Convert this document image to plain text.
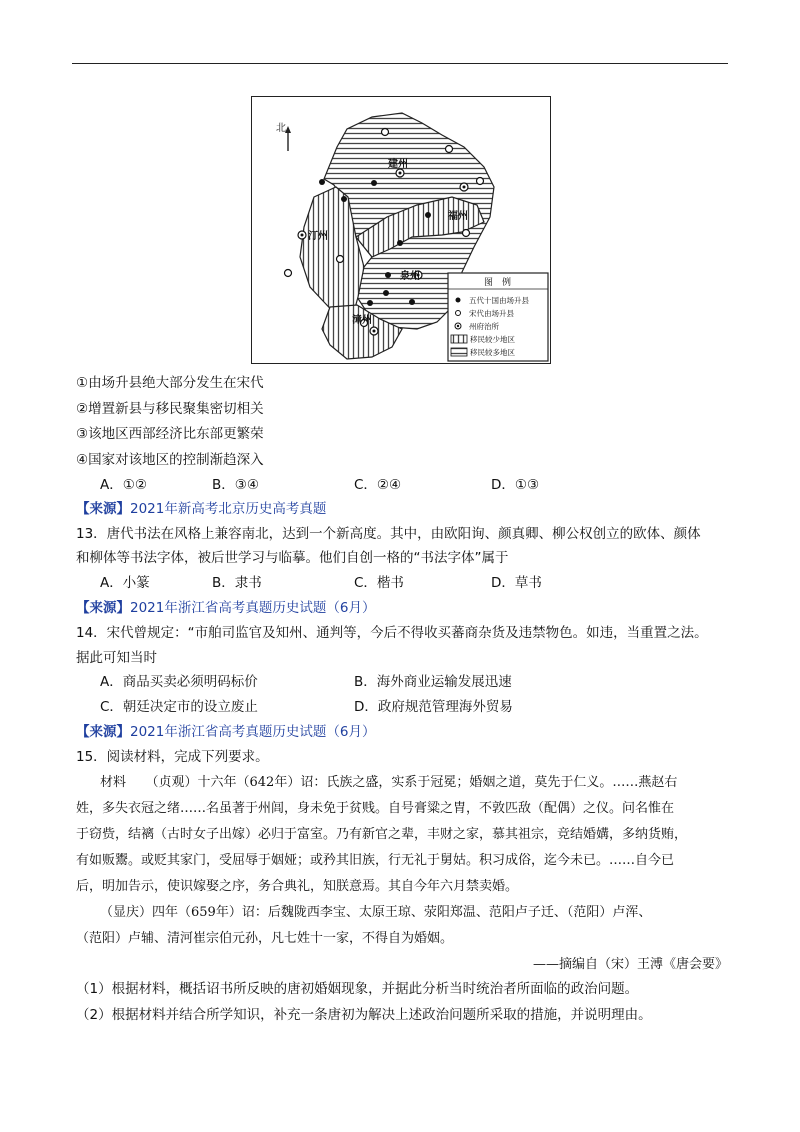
北
建州
福州
汀州
泉州
漳州
图　例
五代十国由场升县
宋代由场升县
州府治所
移民较少地区
移民较多地区
①由场升县绝大部分发生在宋代
②增置新县与移民聚集密切相关
③该地区西部经济比东部更繁荣
④国家对该地区的控制渐趋深入
A．①②	B．③④	C．②④	D．①③
【来源】2021年新高考北京历史高考真题
13．唐代书法在风格上兼容南北，达到一个新高度。其中，由欧阳询、颜真卿、柳公权创立的欧体、颜体
和柳体等书法字体，被后世学习与临摹。他们自创一格的“书法字体”属于
A．小篆	B．隶书	C．楷书	D．草书
【来源】2021年浙江省高考真题历史试题（6月）
14．宋代曾规定：“市舶司监官及知州、通判等，今后不得收买蕃商杂货及违禁物色。如违，当重置之法。
据此可知当时
A．商品买卖必须明码标价	B．海外商业运输发展迅速
C．朝廷决定市的设立废止	D．政府规范管理海外贸易
【来源】2021年浙江省高考真题历史试题（6月）
15．阅读材料，完成下列要求。
材料　　（贞观）十六年（642年）诏：氏族之盛，实系于冠冕；婚姻之道，莫先于仁义。……燕赵右
姓，多失衣冠之绪……名虽著于州闾，身未免于贫贱。自号膏粱之胄，不敦匹敌（配偶）之仪。问名惟在
于窃赀，结褵（古时女子出嫁）必归于富室。乃有新官之辈，丰财之家，慕其祖宗，竞结婚媾，多纳货贿，
有如贩鬻。或贬其家门，受屈辱于姻娅；或矜其旧族，行无礼于舅姑。积习成俗，迄今未已。……自今已
后，明加告示，使识嫁娶之序，务合典礼，知朕意焉。其自今年六月禁卖婚。
（显庆）四年（659年）诏：后魏陇西李宝、太原王琼、荥阳郑温、范阳卢子迁、（范阳）卢浑、
（范阳）卢辅、清河崔宗伯元孙，凡七姓十一家，不得自为婚姻。
——摘编自（宋）王溥《唐会要》
（1）根据材料，概括诏书所反映的唐初婚姻现象，并据此分析当时统治者所面临的政治问题。
（2）根据材料并结合所学知识，补充一条唐初为解决上述政治问题所采取的措施，并说明理由。
